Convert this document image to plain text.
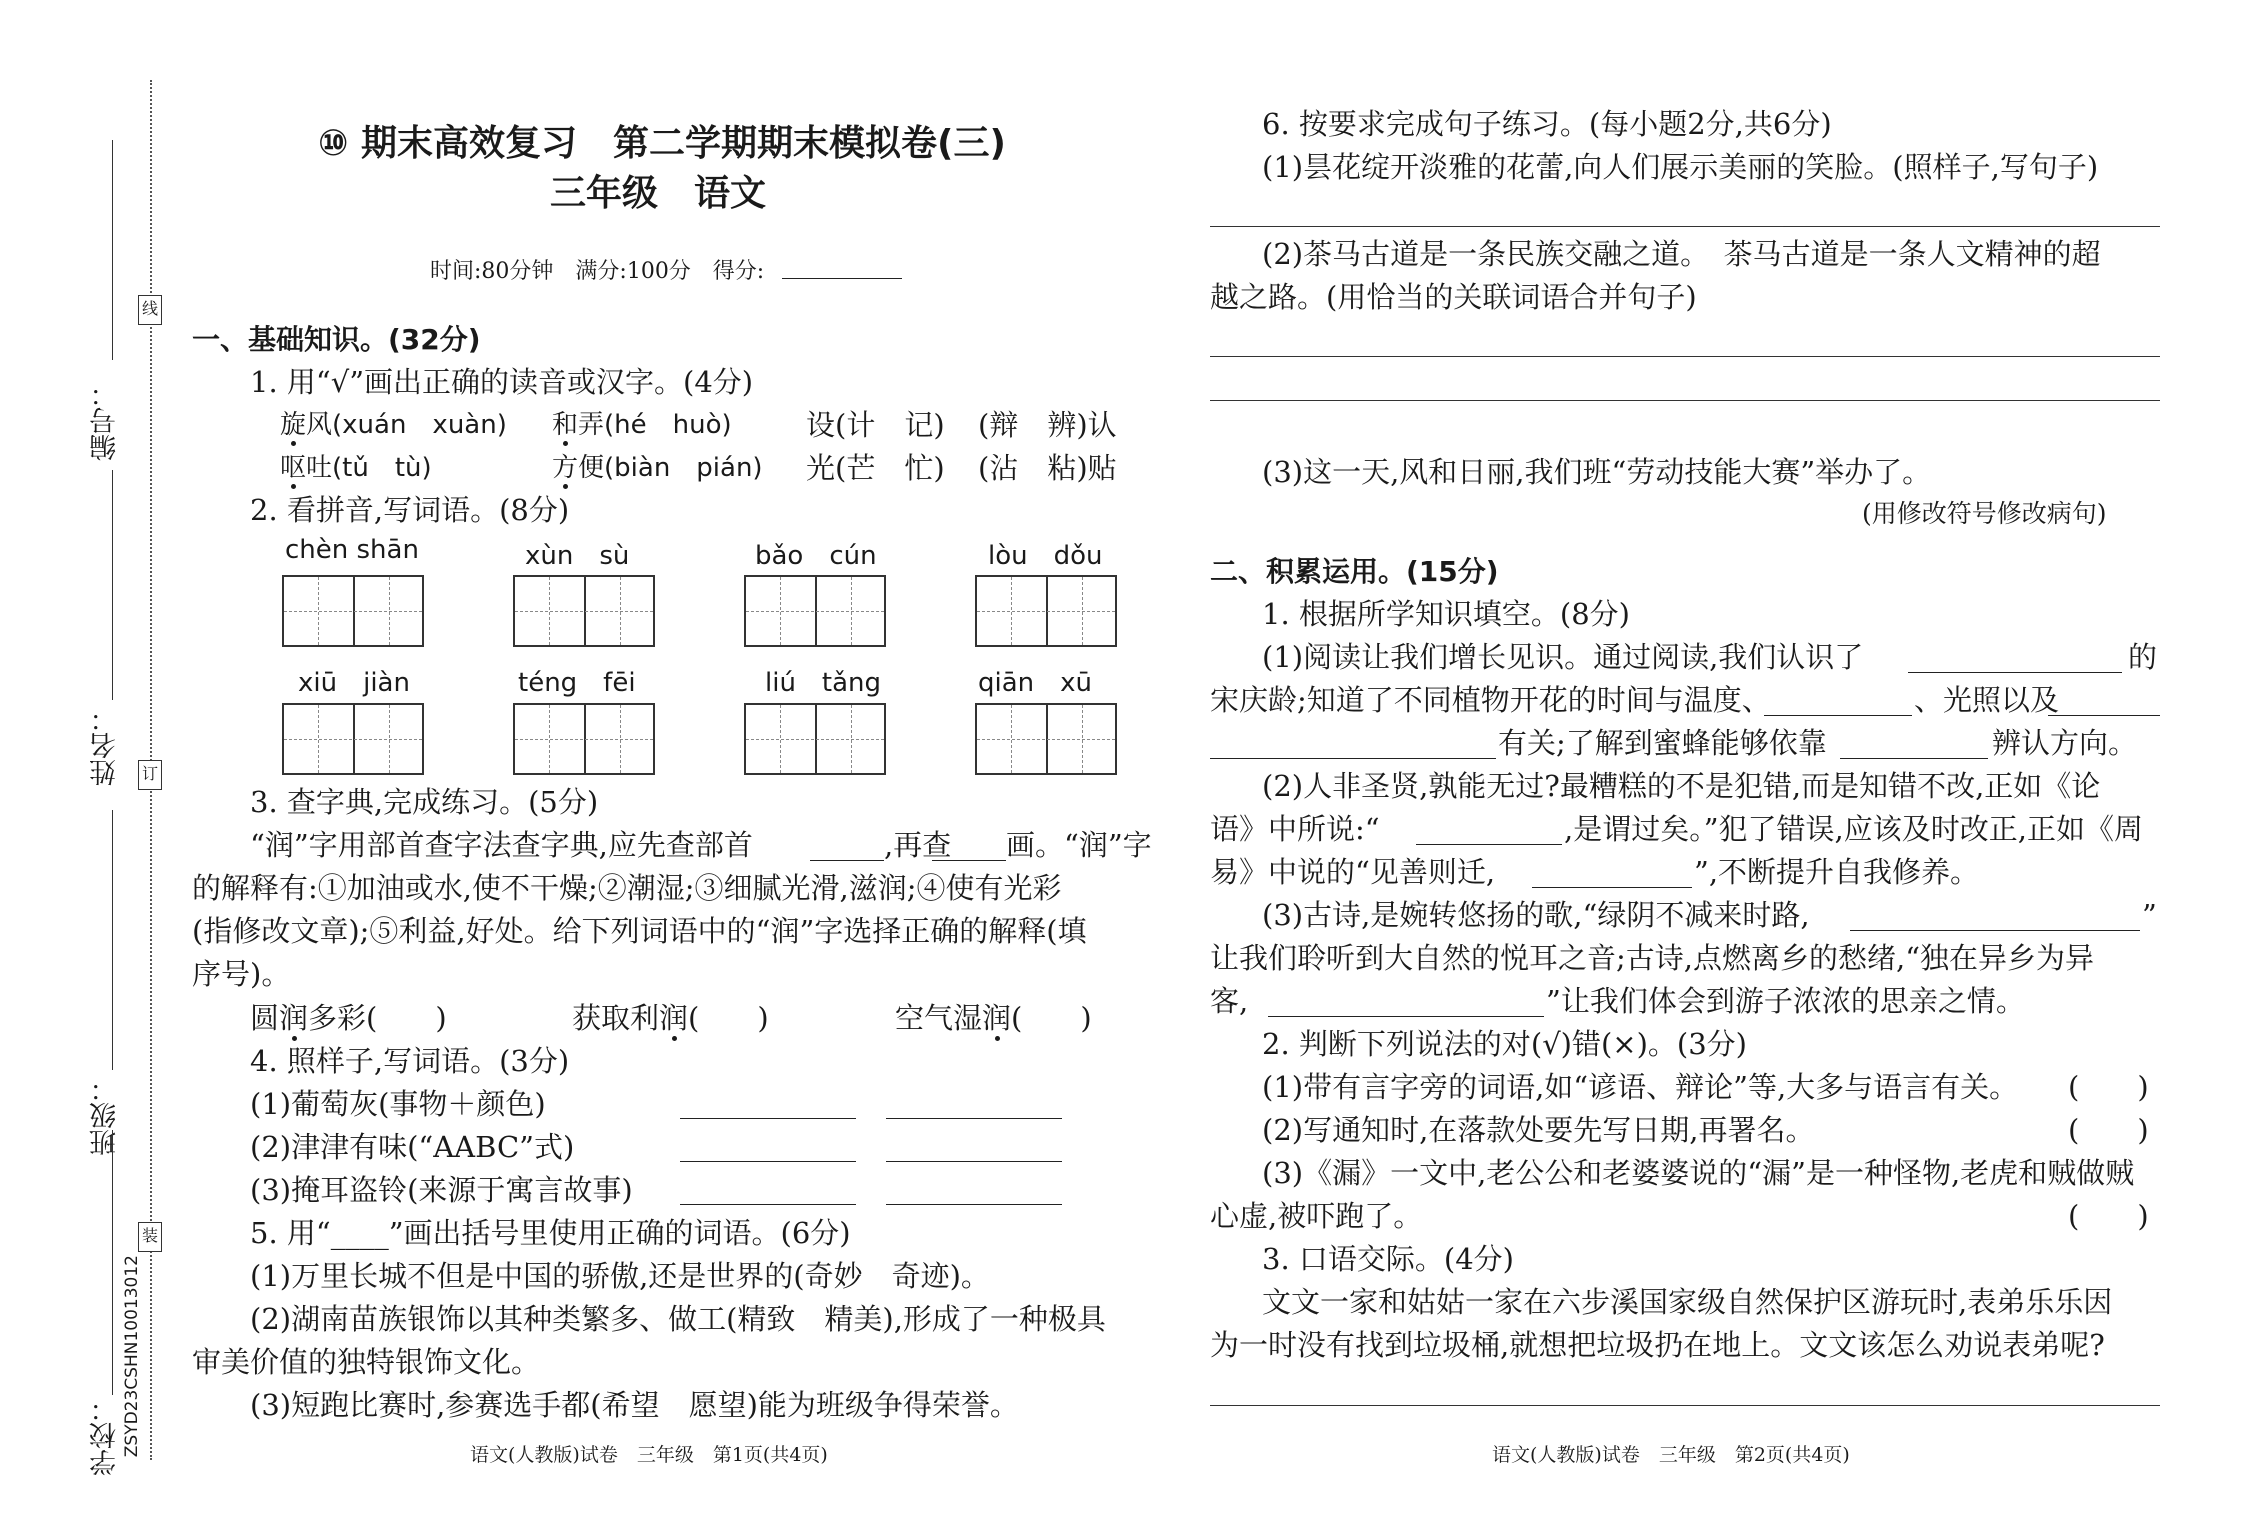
线
订
装
ZSYD23CSHN10013012
编号：
姓名：
班级：
学校：
⑩ 期末高效复习　第二学期期末模拟卷(三)
三年级　语文
时间:80分钟　满分:100分　得分:
一、基础知识。(32分)
1. 用“√”画出正确的读音或汉字。(4分)
旋风(xuán　xuàn) 和弄(hé　huò)	设(计　记) (辩　辨)认
呕吐(tǔ　tù)	方便(biàn　pián) 光(芒　忙) (沾　粘)贴
2. 看拼音,写词语。(8分)
chèn shān	xùn　sù	bǎo　cún	lòu　dǒu
xiū　jiàn	téng　fēi	liú　tǎng	qiān　xū
3. 查字典,完成练习。(5分)
“润”字用部首查字法查字典,应先查部首	,再查 画。“润”字
的解释有:①加油或水,使不干燥;②潮湿;③细腻光滑,滋润;④使有光彩
(指修改文章);⑤利益,好处。给下列词语中的“润”字选择正确的解释(填
序号)。
圆润多彩(　　)	获取利润(　　)	空气湿润(　　)
4. 照样子,写词语。(3分)
(1)葡萄灰(事物＋颜色)
(2)津津有味(“AABC”式)
(3)掩耳盗铃(来源于寓言故事)
5. 用“____”画出括号里使用正确的词语。(6分)
(1)万里长城不但是中国的骄傲,还是世界的(奇妙　奇迹)。
(2)湖南苗族银饰以其种类繁多、做工(精致　精美),形成了一种极具
审美价值的独特银饰文化。
(3)短跑比赛时,参赛选手都(希望　愿望)能为班级争得荣誉。
语文(人教版)试卷　三年级　第1页(共4页)
6. 按要求完成句子练习。(每小题2分,共6分)
(1)昙花绽开淡雅的花蕾,向人们展示美丽的笑脸。(照样子,写句子)
(2)茶马古道是一条民族交融之道。　茶马古道是一条人文精神的超
越之路。(用恰当的关联词语合并句子)
(3)这一天,风和日丽,我们班“劳动技能大赛”举办了。
(用修改符号修改病句)
二、积累运用。(15分)
1. 根据所学知识填空。(8分)
(1)阅读让我们增长见识。通过阅读,我们认识了	的
宋庆龄;知道了不同植物开花的时间与温度、	、光照以及
有关;了解到蜜蜂能够依靠	辨认方向。
(2)人非圣贤,孰能无过?最糟糕的不是犯错,而是知错不改,正如《论
语》中所说:“	,是谓过矣。”犯了错误,应该及时改正,正如《周
易》中说的“见善则迁,	”,不断提升自我修养。
(3)古诗,是婉转悠扬的歌,“绿阴不减来时路,	”
让我们聆听到大自然的悦耳之音;古诗,点燃离乡的愁绪,“独在异乡为异
客,	”让我们体会到游子浓浓的思亲之情。
2. 判断下列说法的对(√)错(×)。(3分)
(1)带有言字旁的词语,如“谚语、辩论”等,大多与语言有关。 (　　)
(2)写通知时,在落款处要先写日期,再署名。	(　　)
(3)《漏》一文中,老公公和老婆婆说的“漏”是一种怪物,老虎和贼做贼
心虚,被吓跑了。	(　　)
3. 口语交际。(4分)
文文一家和姑姑一家在六步溪国家级自然保护区游玩时,表弟乐乐因
为一时没有找到垃圾桶,就想把垃圾扔在地上。文文该怎么劝说表弟呢?
语文(人教版)试卷　三年级　第2页(共4页)
